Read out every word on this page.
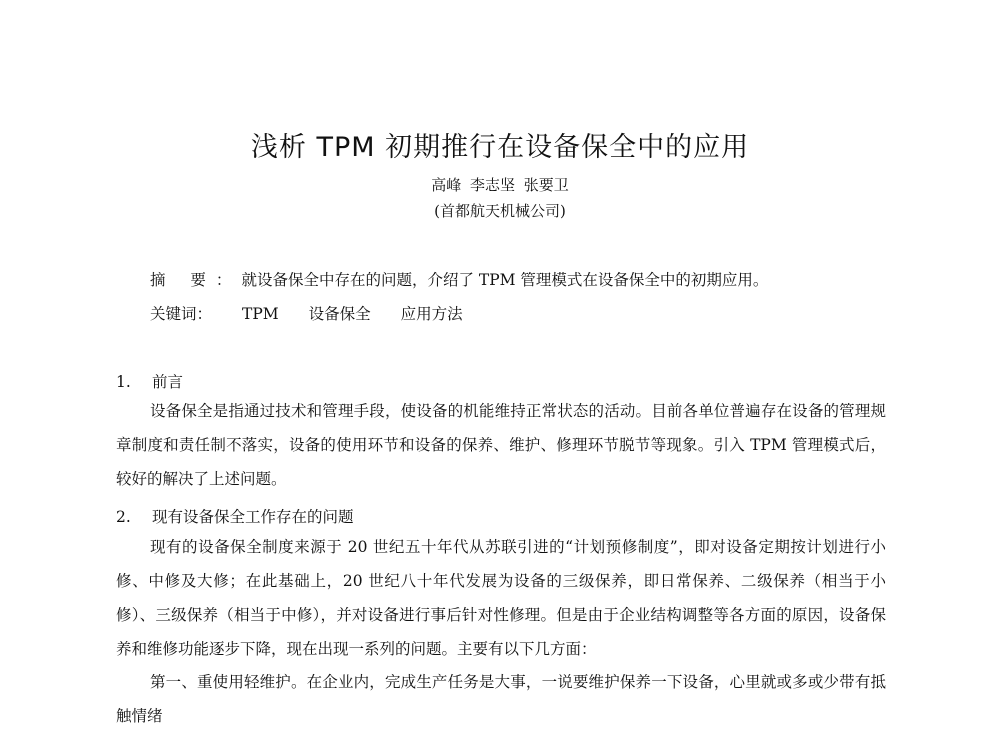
浅析 TPM 初期推行在设备保全中的应用
高峰 李志坚 张要卫
(首都航天机械公司)
摘 要：就设备保全中存在的问题，介绍了 TPM 管理模式在设备保全中的初期应用。
关键词： TPM 设备保全 应用方法
1. 前言
设备保全是指通过技术和管理手段，使设备的机能维持正常状态的活动。目前各单位普遍存在设备的管理规章制度和责任制不落实，设备的使用环节和设备的保养、维护、修理环节脱节等现象。引入 TPM 管理模式后，较好的解决了上述问题。
2. 现有设备保全工作存在的问题
现有的设备保全制度来源于 20 世纪五十年代从苏联引进的“计划预修制度”，即对设备定期按计划进行小修、中修及大修；在此基础上，20 世纪八十年代发展为设备的三级保养，即日常保养、二级保养（相当于小修）、三级保养（相当于中修），并对设备进行事后针对性修理。但是由于企业结构调整等各方面的原因，设备保养和维修功能逐步下降，现在出现一系列的问题。主要有以下几方面：
第一、重使用轻维护。在企业内，完成生产任务是大事，一说要维护保养一下设备，心里就或多或少带有抵触情绪
